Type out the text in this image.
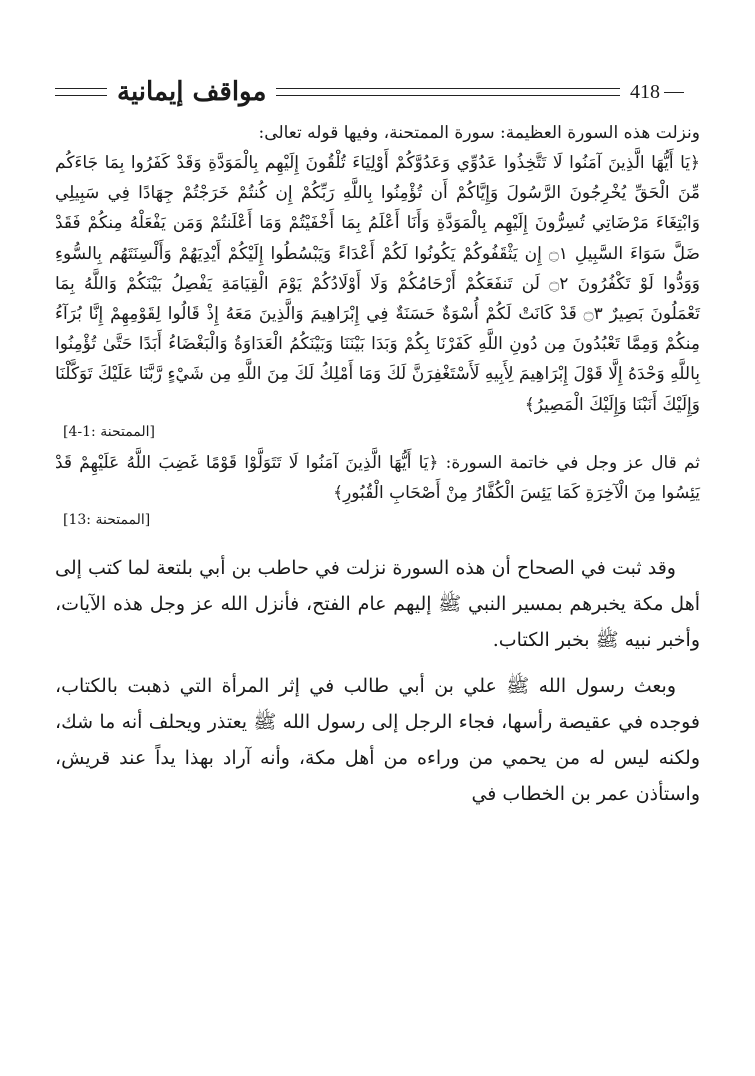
مواقف إيمانية	418
ونزلت هذه السورة العظيمة: سورة الممتحنة، وفيها قوله تعالى:
﴿يَا أَيُّهَا الَّذِينَ آمَنُوا لَا تَتَّخِذُوا عَدُوِّي وَعَدُوَّكُمْ أَوْلِيَاءَ تُلْقُونَ إِلَيْهِم بِالْمَوَدَّةِ وَقَدْ كَفَرُوا بِمَا جَاءَكُم مِّنَ الْحَقِّ يُخْرِجُونَ الرَّسُولَ وَإِيَّاكُمْ أَن تُؤْمِنُوا بِاللَّهِ رَبِّكُمْ إِن كُنتُمْ خَرَجْتُمْ جِهَادًا فِي سَبِيلِي وَابْتِغَاءَ مَرْضَاتِي تُسِرُّونَ إِلَيْهِم بِالْمَوَدَّةِ وَأَنَا أَعْلَمُ بِمَا أَخْفَيْتُمْ وَمَا أَعْلَنتُمْ وَمَن يَفْعَلْهُ مِنكُمْ فَقَدْ ضَلَّ سَوَاءَ السَّبِيلِ ۝١ إِن يَثْقَفُوكُمْ يَكُونُوا لَكُمْ أَعْدَاءً وَيَبْسُطُوا إِلَيْكُمْ أَيْدِيَهُمْ وَأَلْسِنَتَهُم بِالسُّوءِ وَوَدُّوا لَوْ تَكْفُرُونَ ۝٢ لَن تَنفَعَكُمْ أَرْحَامُكُمْ وَلَا أَوْلَادُكُمْ يَوْمَ الْقِيَامَةِ يَفْصِلُ بَيْنَكُمْ وَاللَّهُ بِمَا تَعْمَلُونَ بَصِيرٌ ۝٣ قَدْ كَانَتْ لَكُمْ أُسْوَةٌ حَسَنَةٌ فِي إِبْرَاهِيمَ وَالَّذِينَ مَعَهُ إِذْ قَالُوا لِقَوْمِهِمْ إِنَّا بُرَآءُ مِنكُمْ وَمِمَّا تَعْبُدُونَ مِن دُونِ اللَّهِ كَفَرْنَا بِكُمْ وَبَدَا بَيْنَنَا وَبَيْنَكُمُ الْعَدَاوَةُ وَالْبَغْضَاءُ أَبَدًا حَتَّىٰ تُؤْمِنُوا بِاللَّهِ وَحْدَهُ إِلَّا قَوْلَ إِبْرَاهِيمَ لِأَبِيهِ لَأَسْتَغْفِرَنَّ لَكَ وَمَا أَمْلِكُ لَكَ مِنَ اللَّهِ مِن شَيْءٍ رَّبَّنَا عَلَيْكَ تَوَكَّلْنَا وَإِلَيْكَ أَنَبْنَا وَإِلَيْكَ الْمَصِيرُ﴾
[الممتحنة :1-4]
ثم قال عز وجل في خاتمة السورة: ﴿يَا أَيُّهَا الَّذِينَ آمَنُوا لَا تَتَوَلَّوْا قَوْمًا غَضِبَ اللَّهُ عَلَيْهِمْ قَدْ يَئِسُوا مِنَ الْآخِرَةِ كَمَا يَئِسَ الْكُفَّارُ مِنْ أَصْحَابِ الْقُبُورِ﴾
[الممتحنة :13]
وقد ثبت في الصحاح أن هذه السورة نزلت في حاطب بن أبي بلتعة لما كتب إلى أهل مكة يخبرهم بمسير النبي ﷺ إليهم عام الفتح، فأنزل الله عز وجل هذه الآيات، وأخبر نبيه ﷺ بخبر الكتاب.
وبعث رسول الله ﷺ علي بن أبي طالب في إثر المرأة التي ذهبت بالكتاب، فوجده في عقيصة رأسها، فجاء الرجل إلى رسول الله ﷺ يعتذر ويحلف أنه ما شك، ولكنه ليس له من يحمي من وراءه من أهل مكة، وأنه آراد بهذا يداً عند قريش، واستأذن عمر بن الخطاب في
